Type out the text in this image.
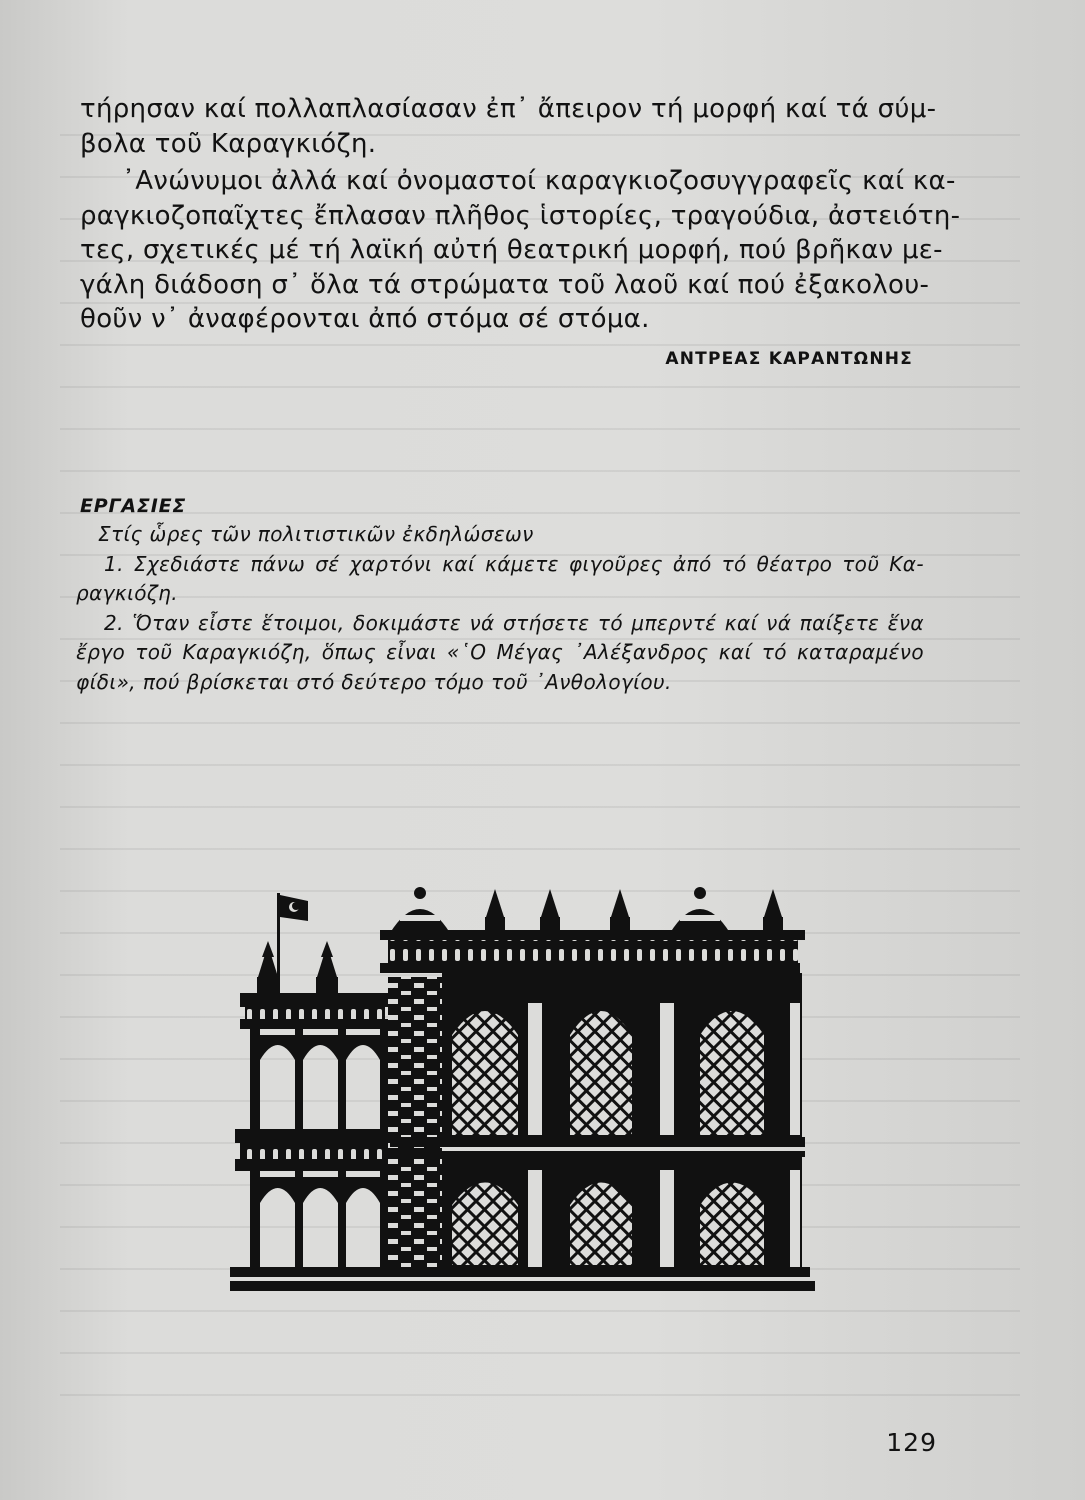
τήρησαν καί πολλαπλασίασαν ἐπ᾽ ἄπειρον τή μορφή καί τά σύμ-
βολα τοῦ Καραγκιόζη.
᾽Ανώνυμοι ἀλλά καί ὀνομαστοί καραγκιοζοσυγγραφεῖς καί κα-
ραγκιοζοπαῖχτες ἔπλασαν πλῆθος ἱστορίες, τραγούδια, ἀστειότη-
τες, σχετικές μέ τή λαϊκή αὐτή θεατρική μορφή, πού βρῆκαν με-
γάλη διάδοση σ᾽ ὅλα τά στρώματα τοῦ λαοῦ καί πού ἐξακολου-
θοῦν ν᾽ ἀναφέρονται ἀπό στόμα σέ στόμα.
ΑΝΤΡΕΑΣ ΚΑΡΑΝΤΩΝΗΣ
ΕΡΓΑΣΙΕΣ
Στίς ὧρες τῶν πολιτιστικῶν ἐκδηλώσεων
1. Σχεδιάστε πάνω σέ χαρτόνι καί κάμετε φιγοῦρες ἀπό τό θέατρο τοῦ Κα-
ραγκιόζη.
2. Ὅταν εἶστε ἕτοιμοι, δοκιμάστε νά στήσετε τό μπερντέ καί νά παίξετε ἕνα
ἔργο τοῦ Καραγκιόζη, ὅπως εἶναι «῾Ο Μέγας ᾽Αλέξανδρος καί τό καταραμένο
φίδι», πού βρίσκεται στό δεύτερο τόμο τοῦ ᾽Ανθολογίου.
129
